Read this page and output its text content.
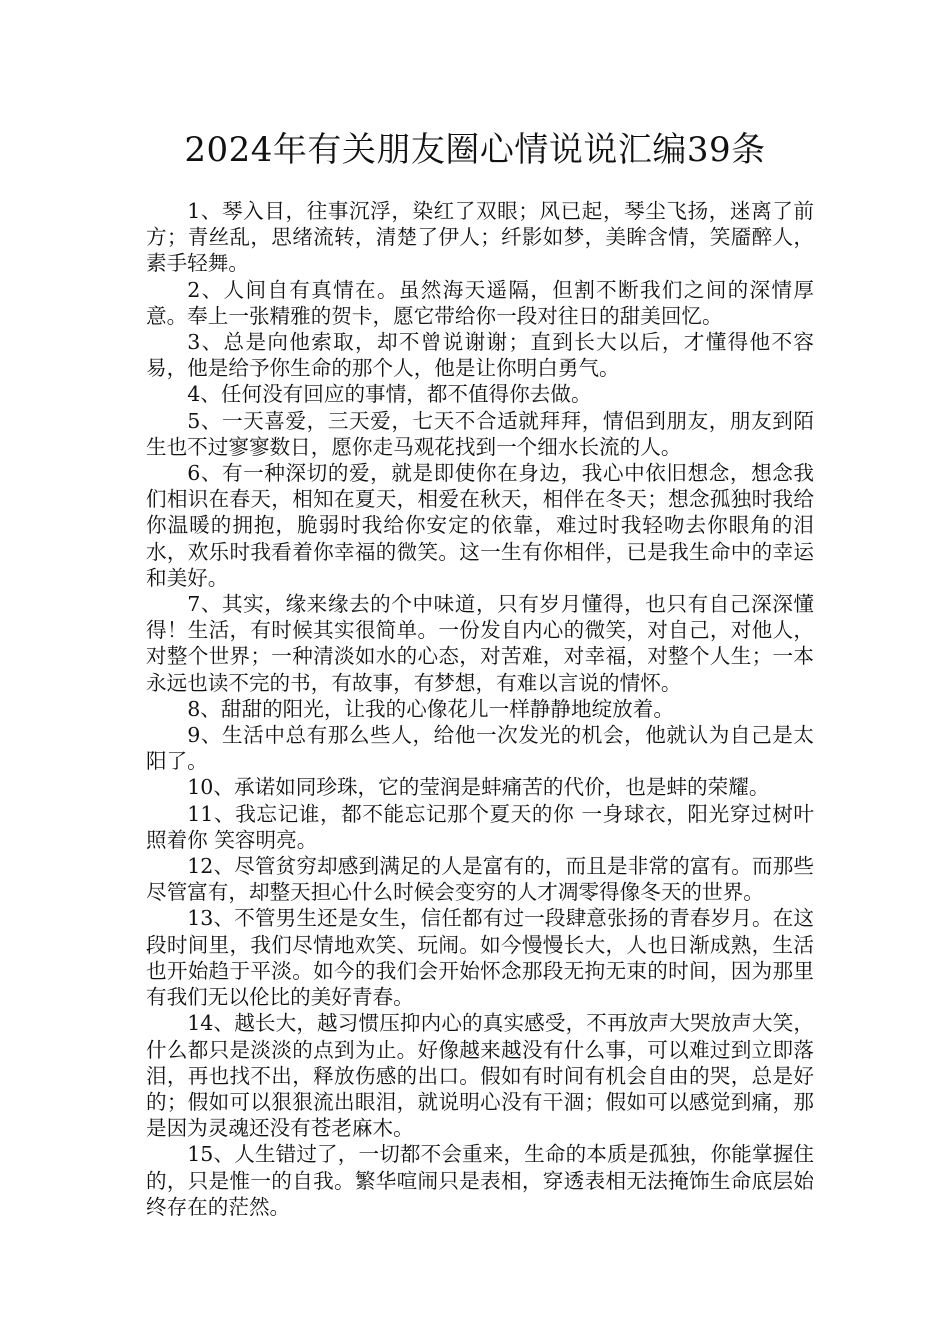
2024年有关朋友圈心情说说汇编39条

1、琴入目，往事沉浮，染红了双眼；风已起，琴尘飞扬，迷离了前方；青丝乱，思绪流转，清楚了伊人；纤影如梦，美眸含情，笑靥醉人，素手轻舞。

2、人间自有真情在。虽然海天遥隔，但割不断我们之间的深情厚意。奉上一张精雅的贺卡，愿它带给你一段对往日的甜美回忆。

3、总是向他索取，却不曾说谢谢；直到长大以后，才懂得他不容易，他是给予你生命的那个人，他是让你明白勇气。

4、任何没有回应的事情，都不值得你去做。

5、一天喜爱，三天爱，七天不合适就拜拜，情侣到朋友，朋友到陌生也不过寥寥数日，愿你走马观花找到一个细水长流的人。

6、有一种深切的爱，就是即使你在身边，我心中依旧想念，想念我们相识在春天，相知在夏天，相爱在秋天，相伴在冬天；想念孤独时我给你温暖的拥抱，脆弱时我给你安定的依靠，难过时我轻吻去你眼角的泪水，欢乐时我看着你幸福的微笑。这一生有你相伴，已是我生命中的幸运和美好。

7、其实，缘来缘去的个中味道，只有岁月懂得，也只有自己深深懂得！生活，有时候其实很简单。一份发自内心的微笑，对自己，对他人，对整个世界；一种清淡如水的心态，对苦难，对幸福，对整个人生；一本永远也读不完的书，有故事，有梦想，有难以言说的情怀。

8、甜甜的阳光，让我的心像花儿一样静静地绽放着。

9、生活中总有那么些人，给他一次发光的机会，他就认为自己是太阳了。

10、承诺如同珍珠，它的莹润是蚌痛苦的代价，也是蚌的荣耀。

11、我忘记谁，都不能忘记那个夏天的你 一身球衣，阳光穿过树叶照着你 笑容明亮。

12、尽管贫穷却感到满足的人是富有的，而且是非常的富有。而那些尽管富有，却整天担心什么时候会变穷的人才凋零得像冬天的世界。

13、不管男生还是女生，信任都有过一段肆意张扬的青春岁月。在这段时间里，我们尽情地欢笑、玩闹。如今慢慢长大，人也日渐成熟，生活也开始趋于平淡。如今的我们会开始怀念那段无拘无束的时间，因为那里有我们无以伦比的美好青春。

14、越长大，越习惯压抑内心的真实感受，不再放声大哭放声大笑，什么都只是淡淡的点到为止。好像越来越没有什么事，可以难过到立即落泪，再也找不出，释放伤感的出口。假如有时间有机会自由的哭，总是好的；假如可以狠狠流出眼泪，就说明心没有干涸；假如可以感觉到痛，那是因为灵魂还没有苍老麻木。

15、人生错过了，一切都不会重来，生命的本质是孤独，你能掌握住的，只是惟一的自我。繁华喧闹只是表相，穿透表相无法掩饰生命底层始终存在的茫然。
